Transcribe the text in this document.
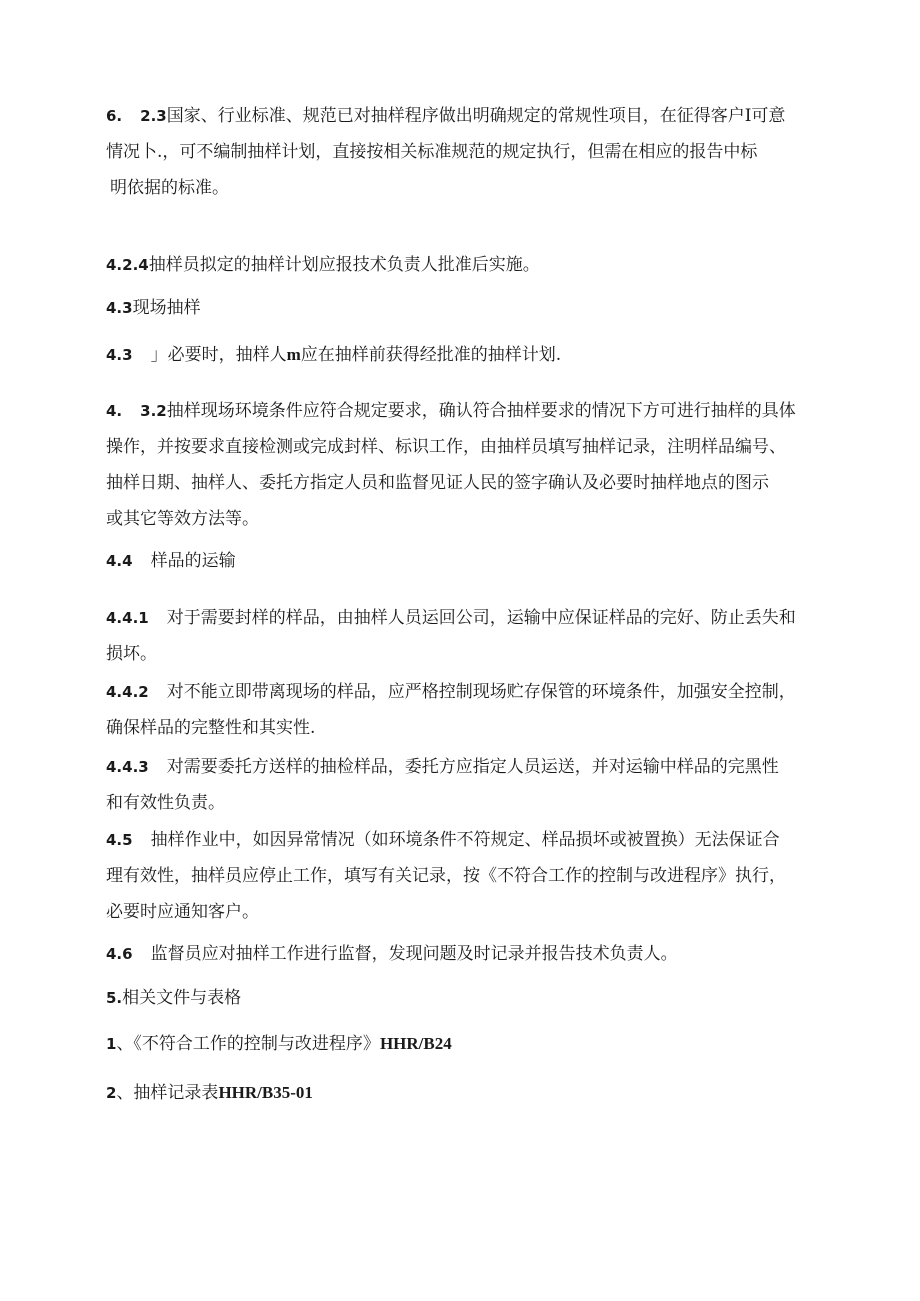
6. 2.3国家、行业标准、规范已对抽样程序做出明确规定的常规性项目，在征得客户I可意
情况卜.，可不编制抽样计划，直接按相关标准规范的规定执行，但需在相应的报告中标
明依据的标准。
4.2.4抽样员拟定的抽样计划应报技术负责人批准后实施。
4.3现场抽样
4.3 」必要时，抽样人m应在抽样前获得经批准的抽样计划.
4. 3.2抽样现场环境条件应符合规定要求，确认符合抽样要求的情况下方可进行抽样的具体
操作，并按要求直接检测或完成封样、标识工作，由抽样员填写抽样记录，注明样品编号、
抽样日期、抽样人、委托方指定人员和监督见证人民的签字确认及必要时抽样地点的图示
或其它等效方法等。
4.4 样品的运输
4.4.1 对于需要封样的样品，由抽样人员运回公司，运输中应保证样品的完好、防止丢失和
损坏。
4.4.2 对不能立即带离现场的样品，应严格控制现场贮存保管的环境条件，加强安全控制，
确保样品的完整性和其实性.
4.4.3 对需要委托方送样的抽检样品，委托方应指定人员运送，并对运输中样品的完黑性
和有效性负责。
4.5 抽样作业中，如因异常情况（如环境条件不符规定、样品损坏或被置换）无法保证合
理有效性，抽样员应停止工作，填写有关记录，按《不符合工作的控制与改进程序》执行，
必要时应通知客户。
4.6 监督员应对抽样工作进行监督，发现问题及时记录并报告技术负责人。
5.相关文件与表格
1、《不符合工作的控制与改进程序》HHR/B24
2、抽样记录表HHR/B35-01
